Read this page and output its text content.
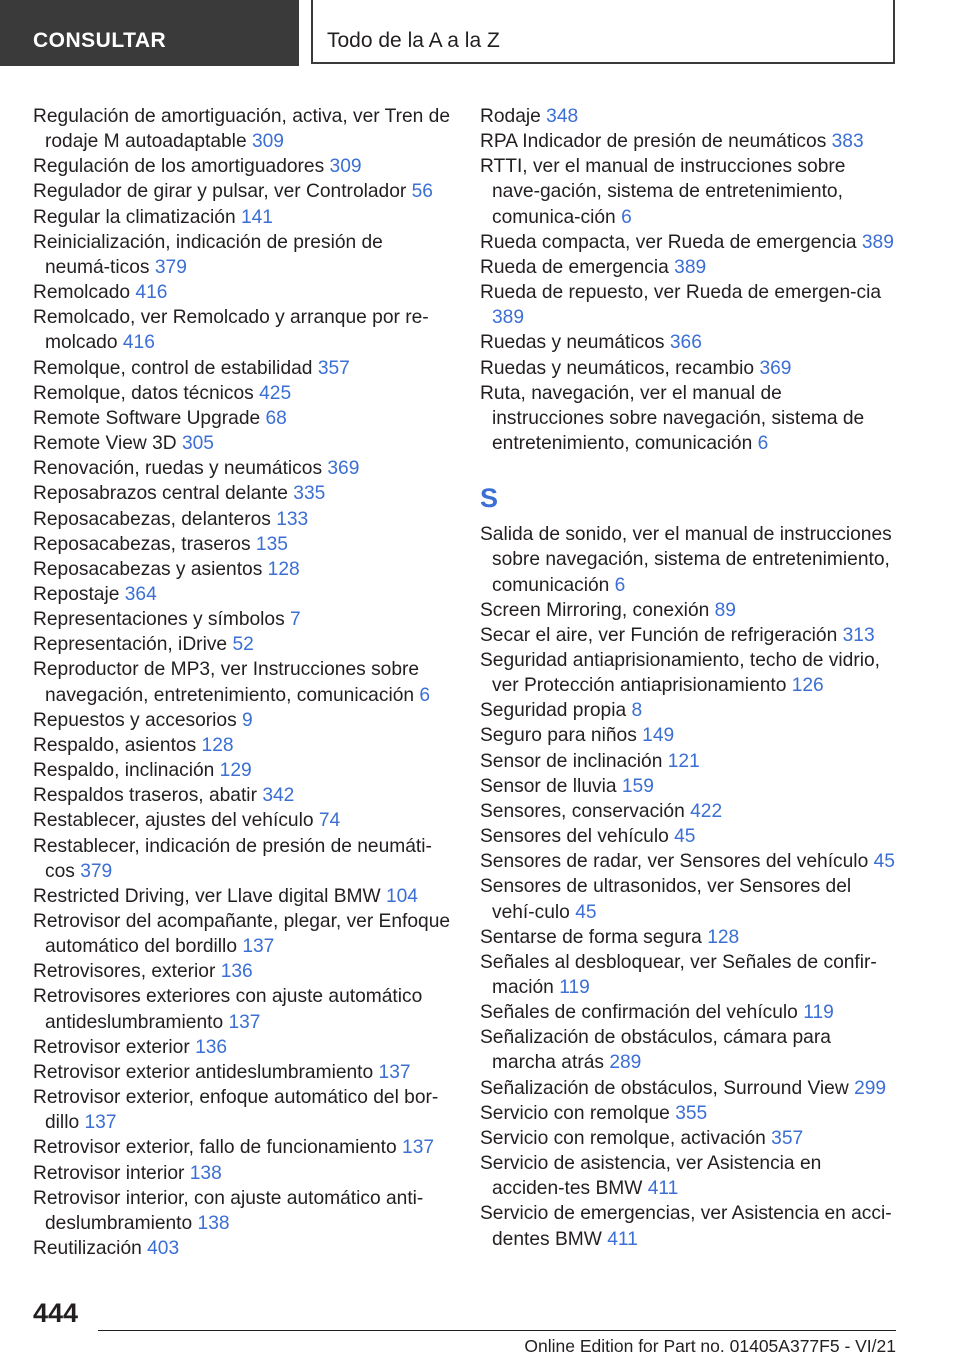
CONSULTAR	Todo de la A a la Z
Regulación de amortiguación, activa, ver Tren de rodaje M autoadaptable 309
Regulación de los amortiguadores 309
Regulador de girar y pulsar, ver Controlador 56
Regular la climatización 141
Reinicialización, indicación de presión de neumá-ticos 379
Remolcado 416
Remolcado, ver Remolcado y arranque por re-molcado 416
Remolque, control de estabilidad 357
Remolque, datos técnicos 425
Remote Software Upgrade 68
Remote View 3D 305
Renovación, ruedas y neumáticos 369
Reposabrazos central delante 335
Reposacabezas, delanteros 133
Reposacabezas, traseros 135
Reposacabezas y asientos 128
Repostaje 364
Representaciones y símbolos 7
Representación, iDrive 52
Reproductor de MP3, ver Instrucciones sobre navegación, entretenimiento, comunicación 6
Repuestos y accesorios 9
Respaldo, asientos 128
Respaldo, inclinación 129
Respaldos traseros, abatir 342
Restablecer, ajustes del vehículo 74
Restablecer, indicación de presión de neumáti-cos 379
Restricted Driving, ver Llave digital BMW 104
Retrovisor del acompañante, plegar, ver Enfoque automático del bordillo 137
Retrovisores, exterior 136
Retrovisores exteriores con ajuste automático antideslumbramiento 137
Retrovisor exterior 136
Retrovisor exterior antideslumbramiento 137
Retrovisor exterior, enfoque automático del bor-dillo 137
Retrovisor exterior, fallo de funcionamiento 137
Retrovisor interior 138
Retrovisor interior, con ajuste automático anti-deslumbramiento 138
Reutilización 403
Rodaje 348
RPA Indicador de presión de neumáticos 383
RTTI, ver el manual de instrucciones sobre nave-gación, sistema de entretenimiento, comunica-ción 6
Rueda compacta, ver Rueda de emergencia 389
Rueda de emergencia 389
Rueda de repuesto, ver Rueda de emergen-cia 389
Ruedas y neumáticos 366
Ruedas y neumáticos, recambio 369
Ruta, navegación, ver el manual de instrucciones sobre navegación, sistema de entretenimiento, comunicación 6
S
Salida de sonido, ver el manual de instrucciones sobre navegación, sistema de entretenimiento, comunicación 6
Screen Mirroring, conexión 89
Secar el aire, ver Función de refrigeración 313
Seguridad antiaprisionamiento, techo de vidrio, ver Protección antiaprisionamiento 126
Seguridad propia 8
Seguro para niños 149
Sensor de inclinación 121
Sensor de lluvia 159
Sensores, conservación 422
Sensores del vehículo 45
Sensores de radar, ver Sensores del vehículo 45
Sensores de ultrasonidos, ver Sensores del vehí-culo 45
Sentarse de forma segura 128
Señales al desbloquear, ver Señales de confir-mación 119
Señales de confirmación del vehículo 119
Señalización de obstáculos, cámara para marcha atrás 289
Señalización de obstáculos, Surround View 299
Servicio con remolque 355
Servicio con remolque, activación 357
Servicio de asistencia, ver Asistencia en acciden-tes BMW 411
Servicio de emergencias, ver Asistencia en acci-dentes BMW 411
444
Online Edition for Part no. 01405A377F5 - VI/21
